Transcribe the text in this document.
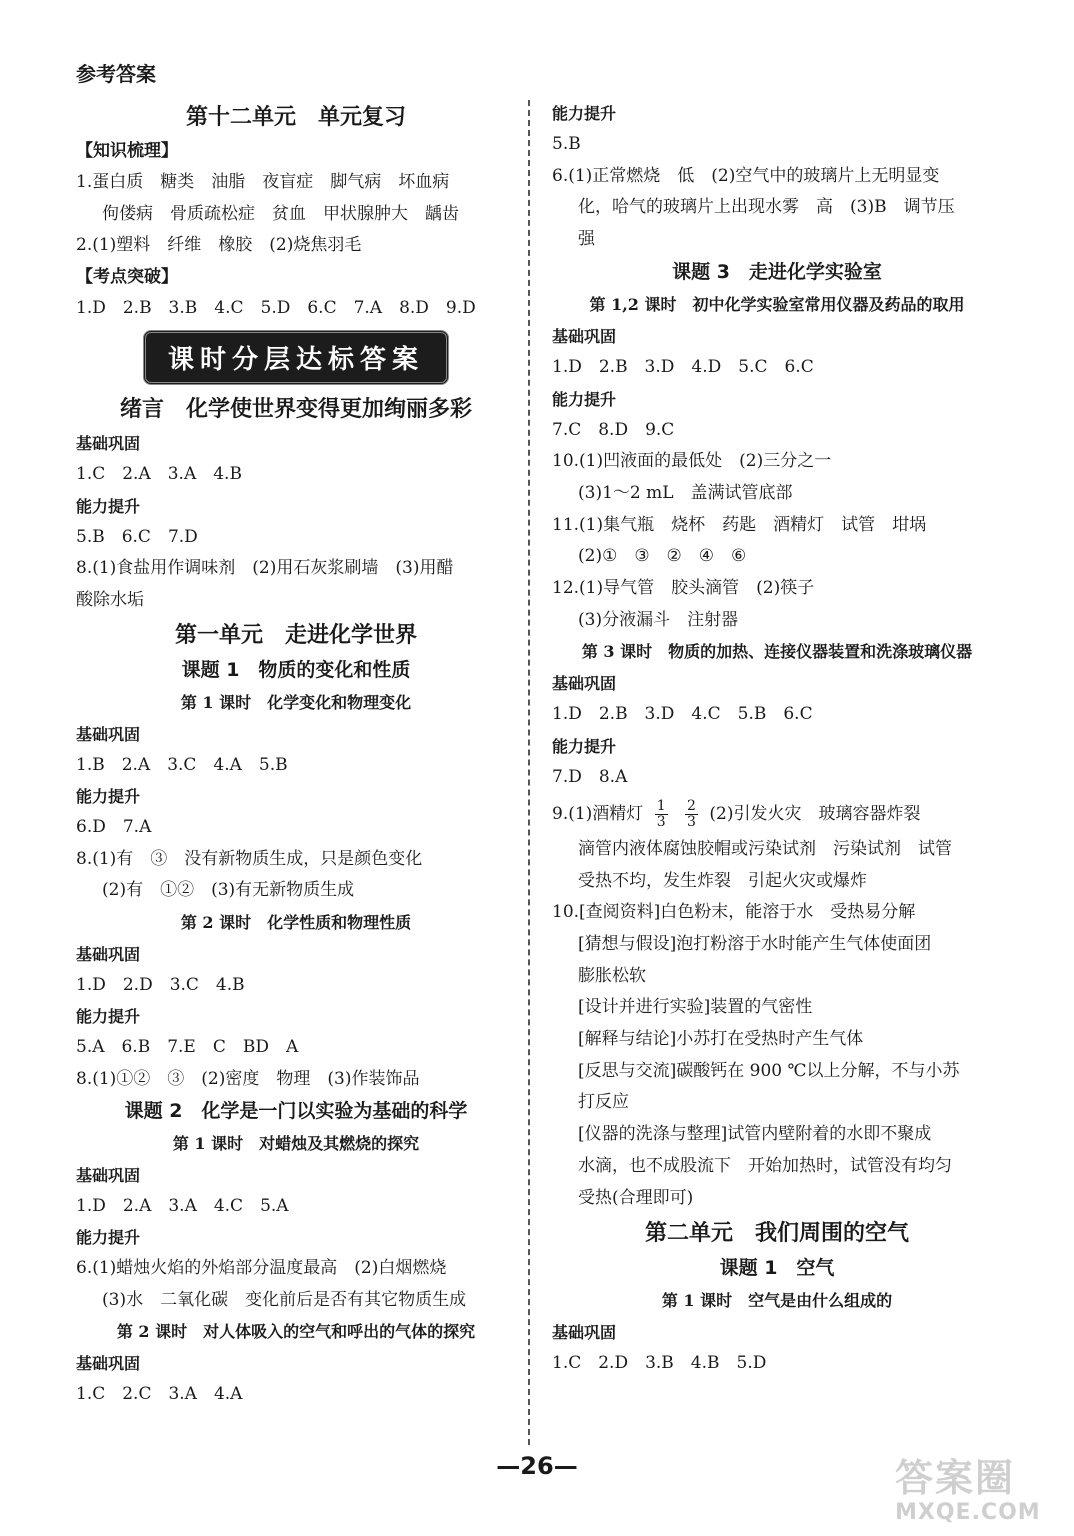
参考答案
第十二单元　单元复习
【知识梳理】
1.蛋白质　糖类　油脂　夜盲症　脚气病　坏血病
佝偻病　骨质疏松症　贫血　甲状腺肿大　龋齿
2.(1)塑料　纤维　橡胶　(2)烧焦羽毛
【考点突破】
1.D　2.B　3.B　4.C　5.D　6.C　7.A　8.D　9.D
课时分层达标答案
绪言　化学使世界变得更加绚丽多彩
基础巩固
1.C　2.A　3.A　4.B
能力提升
5.B　6.C　7.D
8.(1)食盐用作调味剂　(2)用石灰浆刷墙　(3)用醋
酸除水垢
第一单元　走进化学世界
课题 1　物质的变化和性质
第 1 课时　化学变化和物理变化
基础巩固
1.B　2.A　3.C　4.A　5.B
能力提升
6.D　7.A
8.(1)有　③　没有新物质生成，只是颜色变化
(2)有　①②　(3)有无新物质生成
第 2 课时　化学性质和物理性质
基础巩固
1.D　2.D　3.C　4.B
能力提升
5.A　6.B　7.E　C　BD　A
8.(1)①②　③　(2)密度　物理　(3)作装饰品
课题 2　化学是一门以实验为基础的科学
第 1 课时　对蜡烛及其燃烧的探究
基础巩固
1.D　2.A　3.A　4.C　5.A
能力提升
6.(1)蜡烛火焰的外焰部分温度最高　(2)白烟燃烧
(3)水　二氧化碳　变化前后是否有其它物质生成
第 2 课时　对人体吸入的空气和呼出的气体的探究
基础巩固
1.C　2.C　3.A　4.A
能力提升
5.B
6.(1)正常燃烧　低　(2)空气中的玻璃片上无明显变
化，哈气的玻璃片上出现水雾　高　(3)B　调节压
强
课题 3　走进化学实验室
第 1,2 课时　初中化学实验室常用仪器及药品的取用
基础巩固
1.D　2.B　3.D　4.D　5.C　6.C
能力提升
7.C　8.D　9.C
10.(1)凹液面的最低处　(2)三分之一
(3)1～2 mL　盖满试管底部
11.(1)集气瓶　烧杯　药匙　酒精灯　试管　坩埚
(2)①　③　②　④　⑥
12.(1)导气管　胶头滴管　(2)筷子
(3)分液漏斗　注射器
第 3 课时　物质的加热、连接仪器装置和洗涤玻璃仪器
基础巩固
1.D　2.B　3.D　4.C　5.B　6.C
能力提升
7.D　8.A
9.(1)酒精灯 $\frac{1}{3}$
$\frac{2}{3} (2)$引发火灾　玻璃容器炸裂
滴管内液体腐蚀胶帽或污染试剂　污染试剂　试管
受热不均，发生炸裂　引起火灾或爆炸
10.[查阅资料]白色粉末，能溶于水　受热易分解
[猜想与假设]泡打粉溶于水时能产生气体使面团
膨胀松软
[设计并进行实验]装置的气密性
[解释与结论]小苏打在受热时产生气体
[反思与交流]碳酸钙在 900 ℃以上分解，不与小苏
打反应
[仪器的洗涤与整理]试管内壁附着的水即不聚成
水滴，也不成股流下　开始加热时，试管没有均匀
受热(合理即可)
第二单元　我们周围的空气
课题 1　空气
第 1 课时　空气是由什么组成的
基础巩固
1.C　2.D　3.B　4.B　5.D
—26—	答案圈
MXQE.COM
